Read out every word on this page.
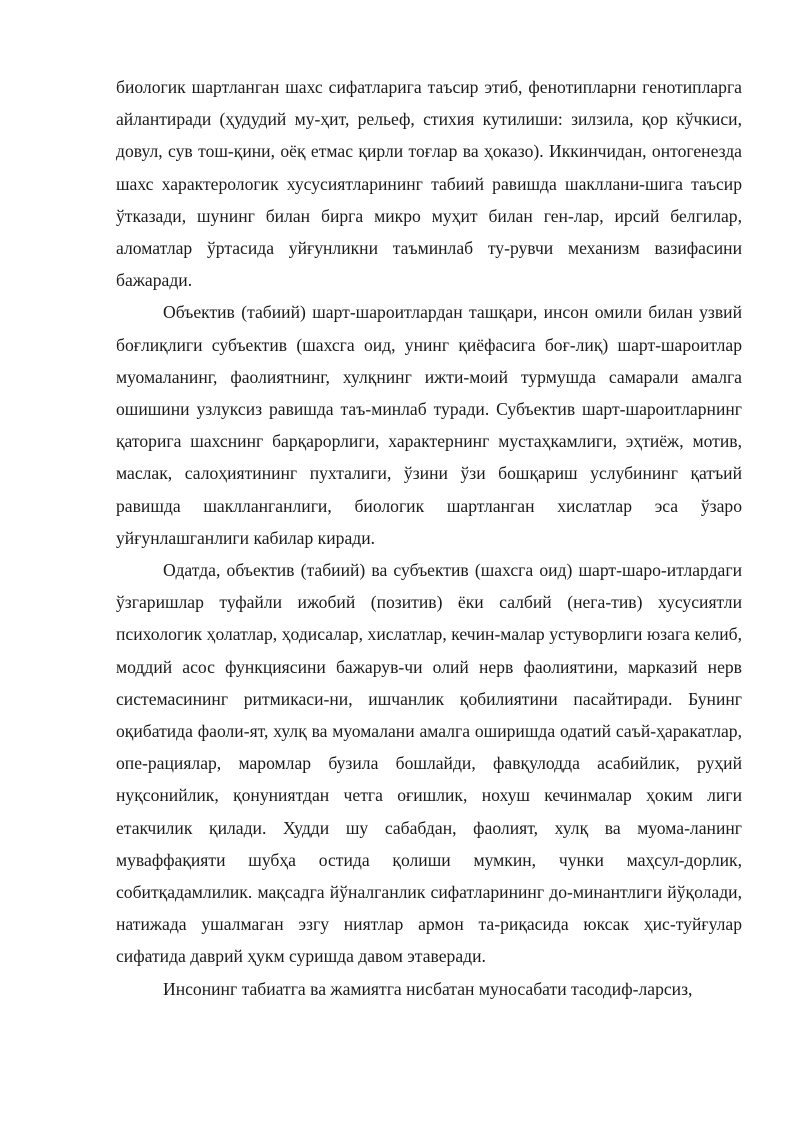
биологик шартланган шахс сифатларига таъсир этиб, фенотипларни генотипларга айлантиради (ҳудудий му-ҳит, рельеф, стихия кутилиши: зилзила, қор кўчкиси, довул, сув тош-қини, оёқ етмас қирли тоғлар ва ҳоказо). Иккинчидан, онтогенезда шахс характерологик хусусиятларининг табиий равишда шакллани-шига таъсир ўтказади, шунинг билан бирга микро муҳит билан ген-лар, ирсий белгилар, аломатлар ўртасида уйғунликни таъминлаб ту-рувчи механизм вазифасини бажаради.

Объектив (табиий) шарт-шароитлардан ташқари, инсон омили билан узвий боғлиқлиги субъектив (шахсга оид, унинг қиёфасига боғ-лиқ) шарт-шароитлар муомаланинг, фаолиятнинг, хулқнинг ижти-моий турмушда самарали амалга ошишини узлуксиз равишда таъ-минлаб туради. Субъектив шарт-шароитларнинг қаторига шахснинг барқарорлиги, характернинг мустаҳкамлиги, эҳтиёж, мотив, маслак, салоҳиятининг пухталиги, ўзини ўзи бошқариш услубининг қатъий равишда шаклланганлиги, биологик шартланган хислатлар эса ўзаро уйғунлашганлиги кабилар киради.

Одатда, объектив (табиий) ва субъектив (шахсга оид) шарт-шаро-итлардаги ўзгаришлар туфайли ижобий (позитив) ёки салбий (нега-тив) хусусиятли психологик ҳолатлар, ҳодисалар, хислатлар, кечин-малар устуворлиги юзага келиб, моддий асос функциясини бажарув-чи олий нерв фаолиятини, марказий нерв системасининг ритмикаси-ни, ишчанлик қобилиятини пасайтиради. Бунинг оқибатида фаоли-ят, хулқ ва муомалани амалга оширишда одатий саъй-ҳаракатлар, опе-рациялар, маромлар бузила бошлайди, фавқулодда асабийлик, руҳий нуқсонийлик, қонуниятдан четга оғишлик, нохуш кечинмалар ҳоким лиги етакчилик қилади. Худди шу сабабдан, фаолият, хулқ ва муома-ланинг муваффақияти шубҳа остида қолиши мумкин, чунки маҳсул-дорлик, собитқадамлилик. мақсадга йўналганлик сифатларининг до-минантлиги йўқолади, натижада ушалмаган эзгу ниятлар армон та-риқасида юксак ҳис-туйғулар сифатида даврий ҳукм суришда давом этаверади.

Инсонинг табиатга ва жамиятга нисбатан муносабати тасодиф-ларсиз,
